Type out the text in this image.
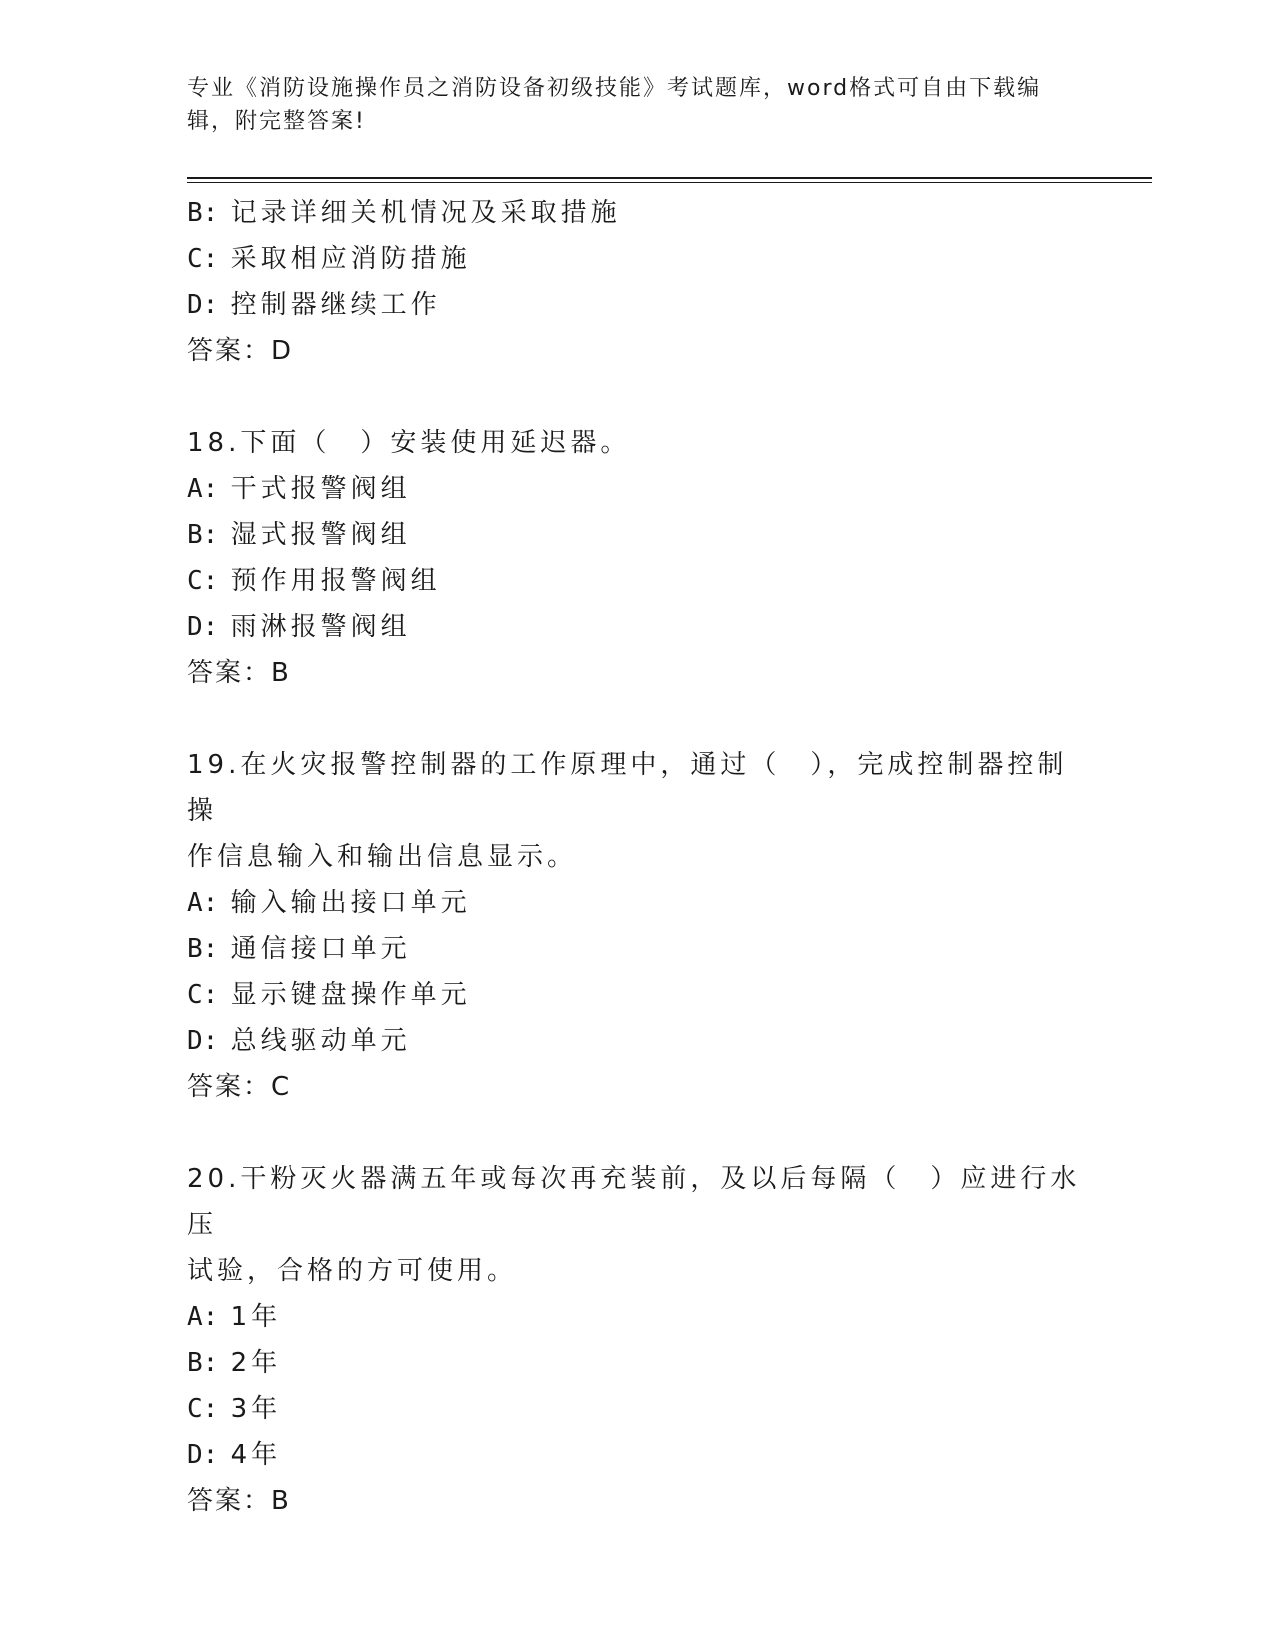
专业《消防设施操作员之消防设备初级技能》考试题库，word格式可自由下载编
辑，附完整答案!
B: 记录详细关机情况及采取措施
C: 采取相应消防措施
D: 控制器继续工作
答案：D
18.下面（　）安装使用延迟器。
A: 干式报警阀组
B: 湿式报警阀组
C: 预作用报警阀组
D: 雨淋报警阀组
答案：B
19.在火灾报警控制器的工作原理中，通过（　），完成控制器控制操
作信息输入和输出信息显示。
A: 输入输出接口单元
B: 通信接口单元
C: 显示键盘操作单元
D: 总线驱动单元
答案：C
20.干粉灭火器满五年或每次再充装前，及以后每隔（　）应进行水压
试验，合格的方可使用。
A: 1年
B: 2年
C: 3年
D: 4年
答案：B
